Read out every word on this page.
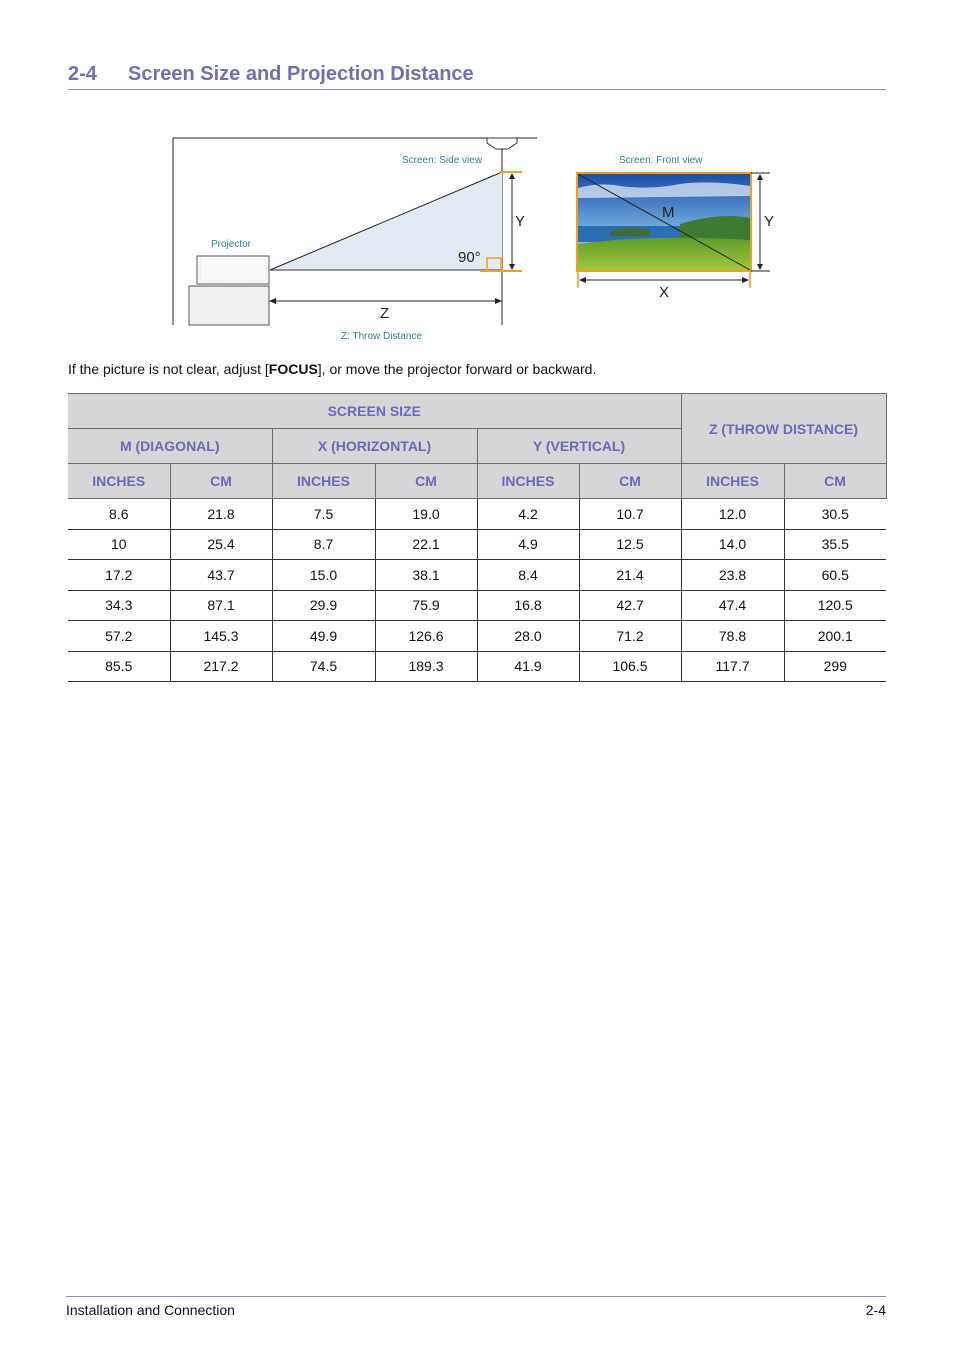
2-4 Screen Size and Projection Distance
Screen: Side view	Screen: Front view
Projector
Z: Throw Distance
90°
Y
Z
M
Y
X
If the picture is not clear, adjust [FOCUS], or move the projector forward or backward.
SCREEN SIZE						Z (THROW DISTANCE)	
M (DIAGONAL)		X (HORIZONTAL)		Y (VERTICAL)			
INCHES	CM	INCHES	CM	INCHES	CM	INCHES	CM
8.6	21.8	7.5	19.0	4.2	10.7	12.0	30.5
10	25.4	8.7	22.1	4.9	12.5	14.0	35.5
17.2	43.7	15.0	38.1	8.4	21.4	23.8	60.5
34.3	87.1	29.9	75.9	16.8	42.7	47.4	120.5
57.2	145.3	49.9	126.6	28.0	71.2	78.8	200.1
85.5	217.2	74.5	189.3	41.9	106.5	117.7	299
Installation and Connection	2-4
